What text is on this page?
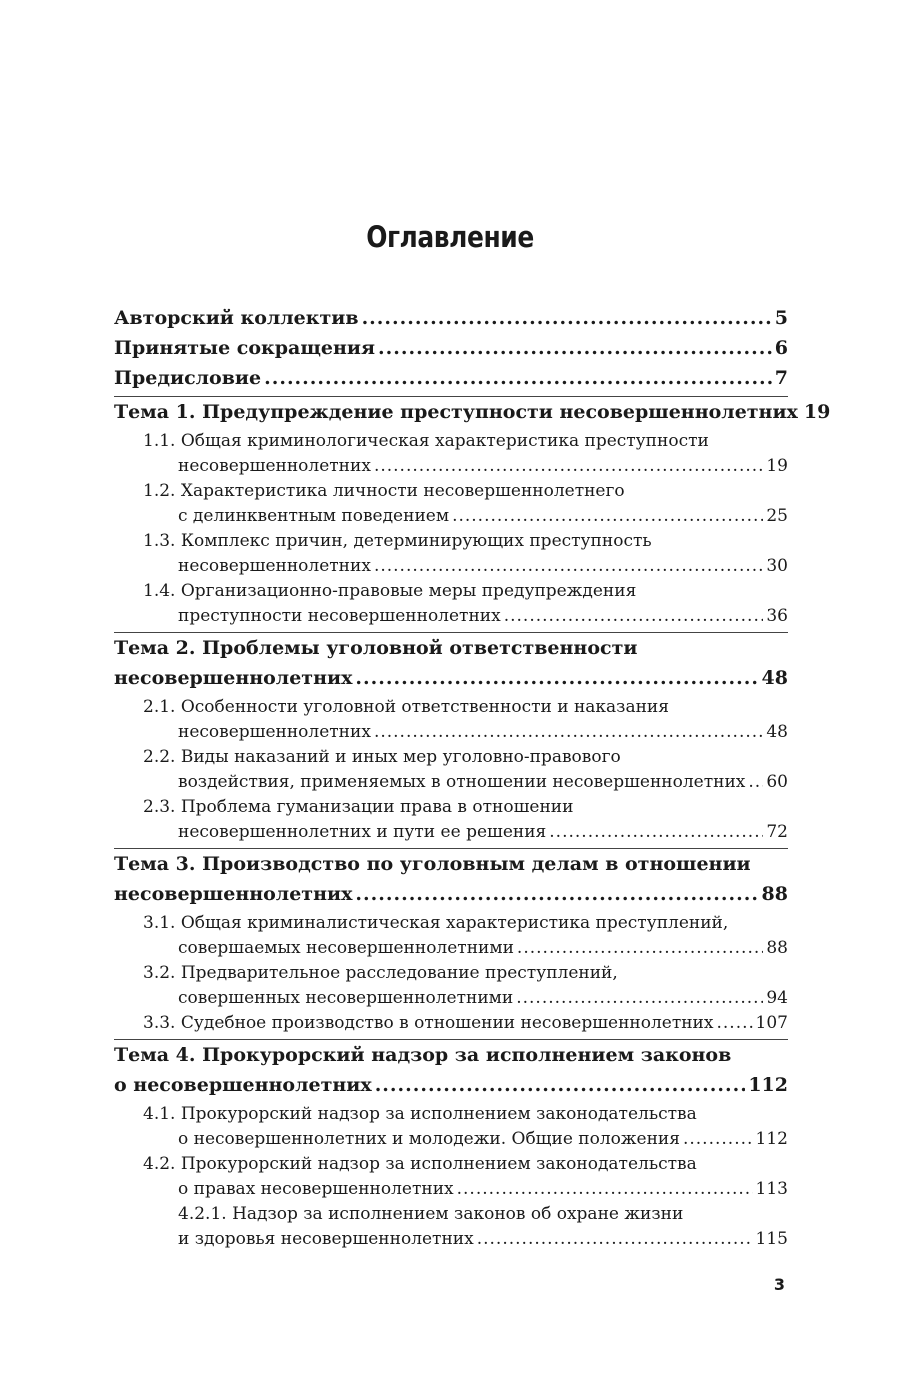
Оглавление
Авторский коллектив .....	5
Принятые сокращения .....	6
Предисловие .....	7
Тема 1. Предупреждение преступности несовершеннолетних 19
1.1. Общая криминологическая характеристика преступности
несовершеннолетних .....	19
1.2. Характеристика личности несовершеннолетнего
с делинквентным поведением .....	25
1.3. Комплекс причин, детерминирующих преступность
несовершеннолетних .....	30
1.4. Организационно-правовые меры предупреждения
преступности несовершеннолетних .....	36
Тема 2. Проблемы уголовной ответственности
несовершеннолетних .....	48
2.1. Особенности уголовной ответственности и наказания
несовершеннолетних .....	48
2.2. Виды наказаний и иных мер уголовно-правового
воздействия, применяемых в отношении несовершеннолетних ..... 60
2.3. Проблема гуманизации права в отношении
несовершеннолетних и пути ее решения .....	72
Тема 3. Производство по уголовным делам в отношении
несовершеннолетних .....	88
3.1. Общая криминалистическая характеристика преступлений,
совершаемых несовершеннолетними .....	88
3.2. Предварительное расследование преступлений,
совершенных несовершеннолетними .....	94
3.3. Судебное производство в отношении несовершеннолетних ..... 107
Тема 4. Прокурорский надзор за исполнением законов
о несовершеннолетних .....	112
4.1. Прокурорский надзор за исполнением законодательства
о несовершеннолетних и молодежи. Общие положения .....	112
4.2. Прокурорский надзор за исполнением законодательства
о правах несовершеннолетних .....	113
4.2.1. Надзор за исполнением законов об охране жизни
и здоровья несовершеннолетних .....	115
3
